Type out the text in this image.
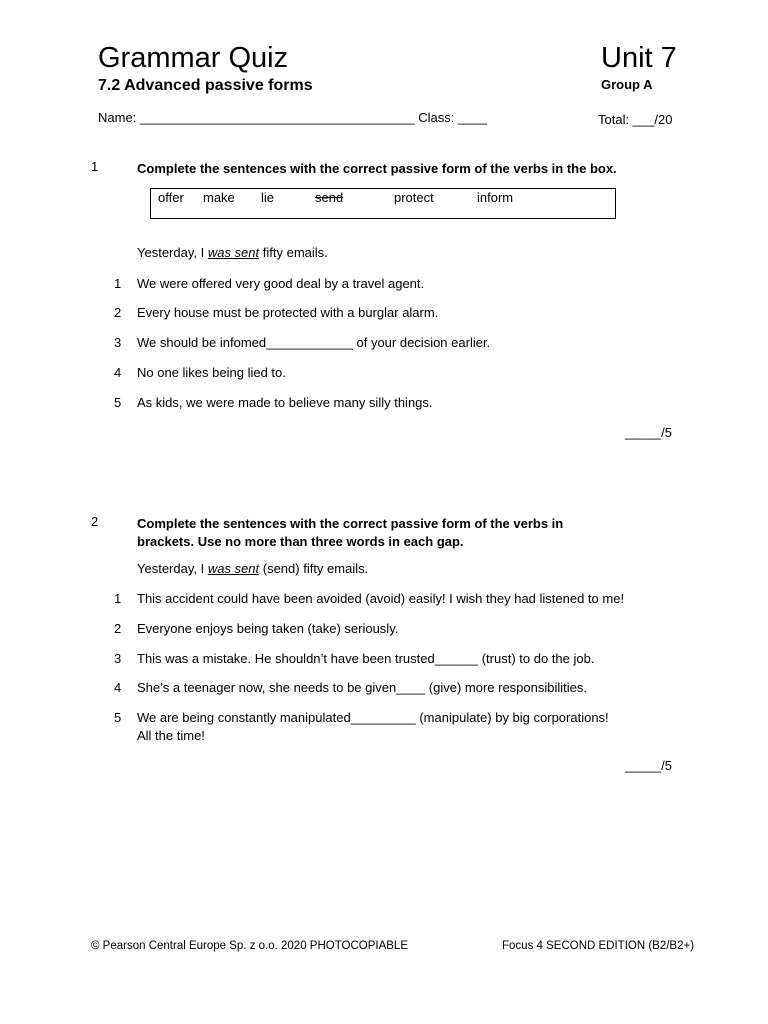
Grammar Quiz
7.2 Advanced passive forms
Unit 7
Group A
Name: ______________________________________ Class: ____	Total: ___/20
1	Complete the sentences with the correct passive form of the verbs in the box.
offer make lie	send	protect	inform
Yesterday, I was sent fifty emails.
1 We were offered very good deal by a travel agent.
2 Every house must be protected with a burglar alarm.
3 We should be infomed____________ of your decision earlier.
4 No one likes being lied to.
5 As kids, we were made to believe many silly things.
_____/5
2	Complete the sentences with the correct passive form of the verbs in
brackets. Use no more than three words in each gap.
Yesterday, I was sent (send) fifty emails.
1 This accident could have been avoided (avoid) easily! I wish they had listened to me!
2 Everyone enjoys being taken (take) seriously.
3 This was a mistake. He shouldn’t have been trusted______ (trust) to do the job.
4 She’s a teenager now, she needs to be given____ (give) more responsibilities.
5 We are being constantly manipulated_________ (manipulate) by big corporations!
All the time!
_____/5
© Pearson Central Europe Sp. z o.o. 2020 PHOTOCOPIABLE	Focus 4 SECOND EDITION (B2/B2+)
